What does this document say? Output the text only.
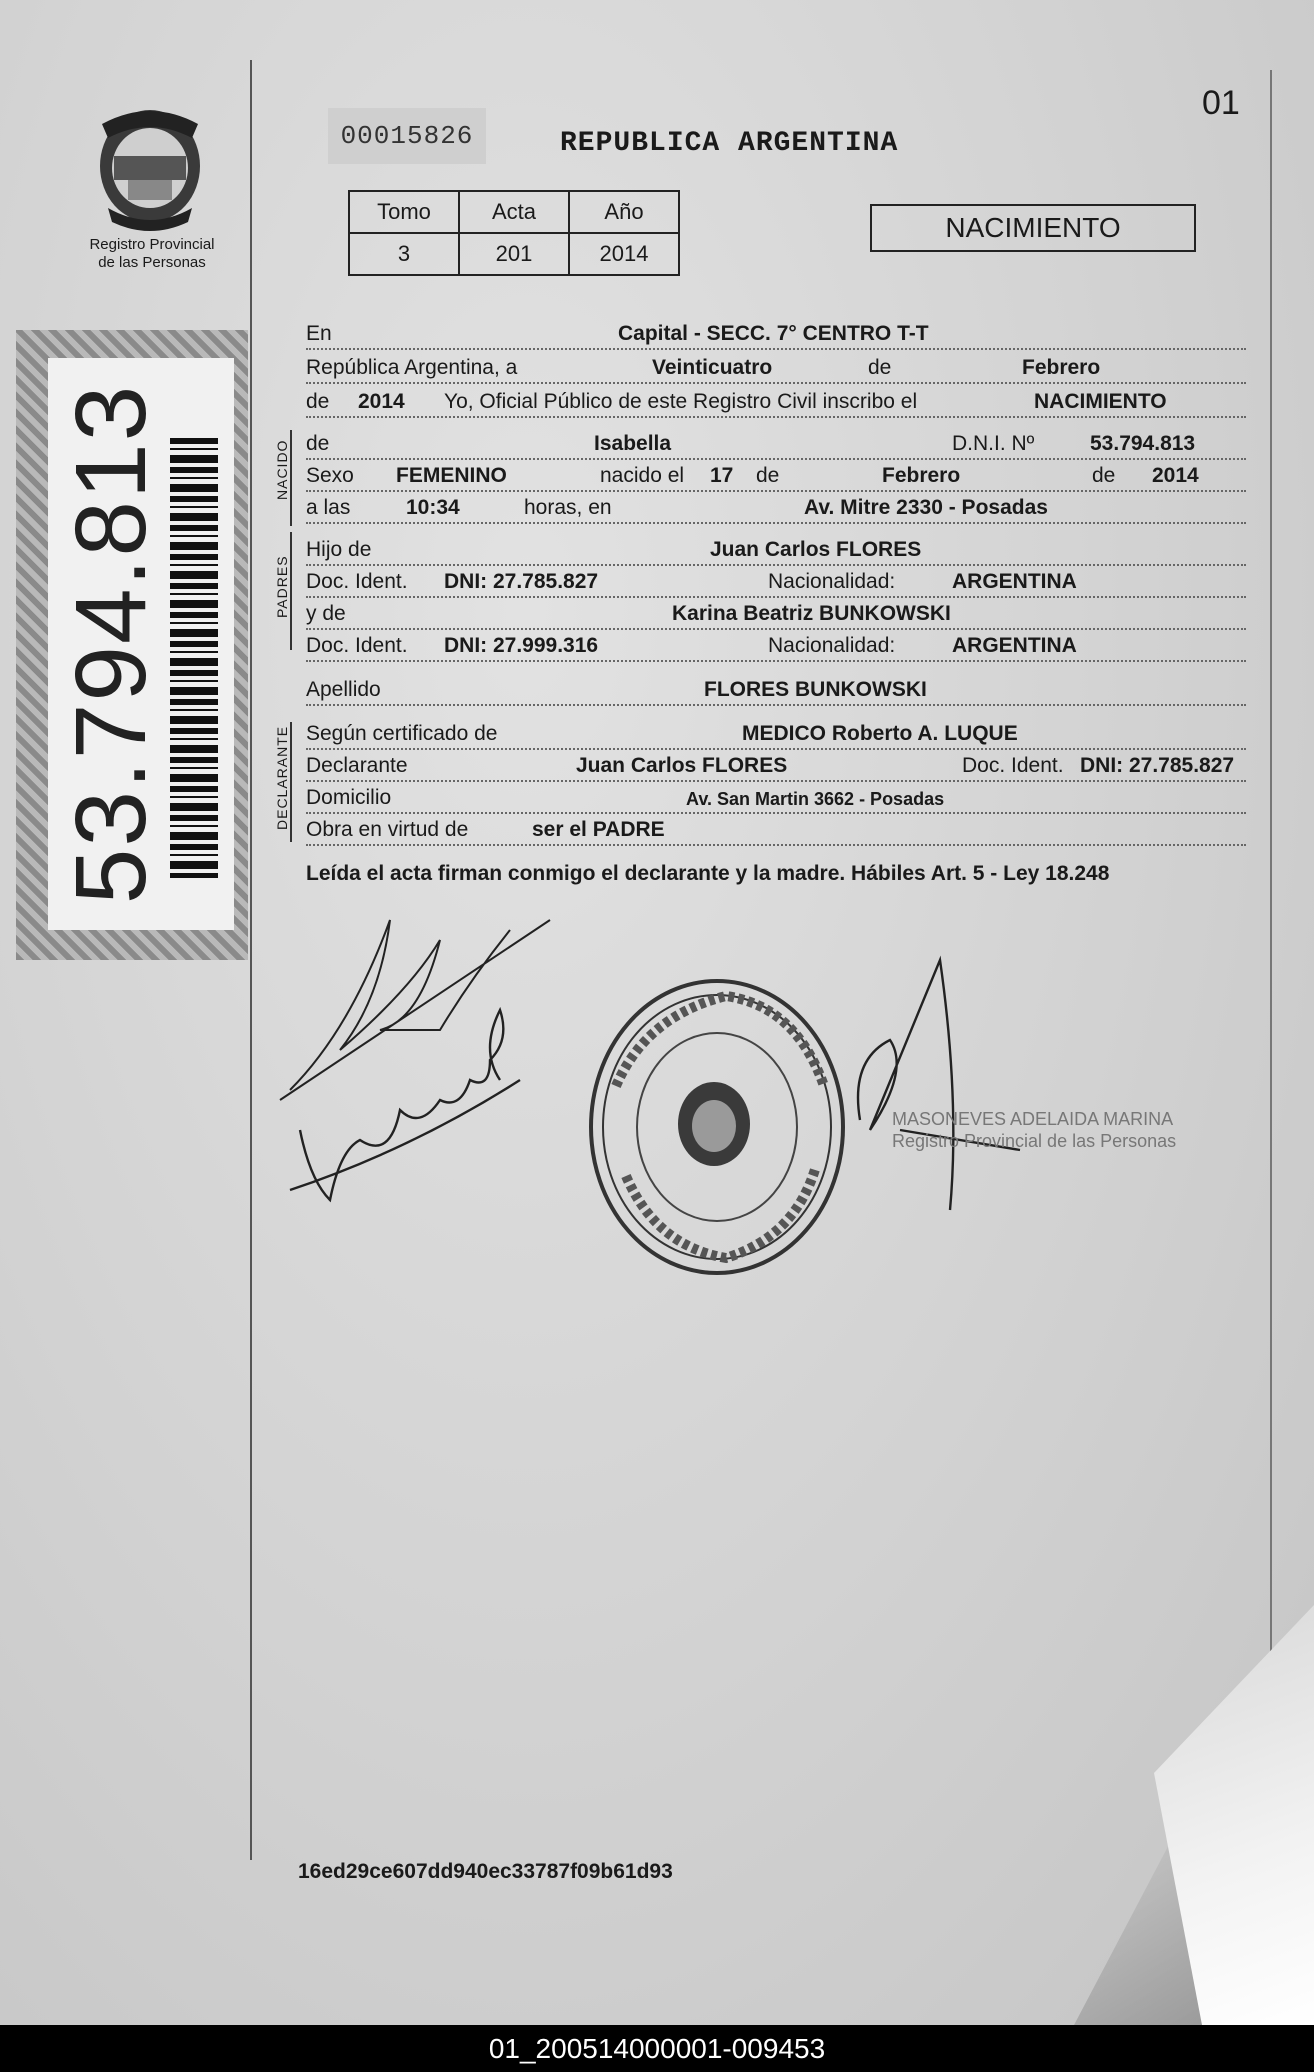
Registro Provincial
de las Personas
00015826	REPUBLICA ARGENTINA
01
Tomo	Acta	Año
3	201	2014
NACIMIENTO
53.794.813	NACIDO
PADRES
DECLARANTE
En	Capital - SECC. 7° CENTRO T-T
República Argentina, a	Veinticuatro	de	Febrero
de 2014 Yo, Oficial Público de este Registro Civil inscribo el	NACIMIENTO
de	Isabella	D.N.I. Nº	53.794.813
Sexo FEMENINO	nacido el 17 de	Febrero	de 2014
a las	10:34	horas, en	Av. Mitre 2330 - Posadas
Hijo de	Juan Carlos FLORES
Doc. Ident. DNI: 27.785.827	Nacionalidad:	ARGENTINA
y de	Karina Beatriz BUNKOWSKI
Doc. Ident. DNI: 27.999.316	Nacionalidad:	ARGENTINA
Apellido	FLORES BUNKOWSKI
Según certificado de	MEDICO Roberto A. LUQUE
Declarante	Juan Carlos FLORES	Doc. Ident. DNI: 27.785.827
Domicilio	Av. San Martin 3662 - Posadas
Obra en virtud de	ser el PADRE
Leída el acta firman conmigo el declarante y la madre. Hábiles Art. 5 - Ley 18.248
MASONEVES ADELAIDA MARINA
Registro Provincial de las Personas
16ed29ce607dd940ec33787f09b61d93
01_200514000001-009453
